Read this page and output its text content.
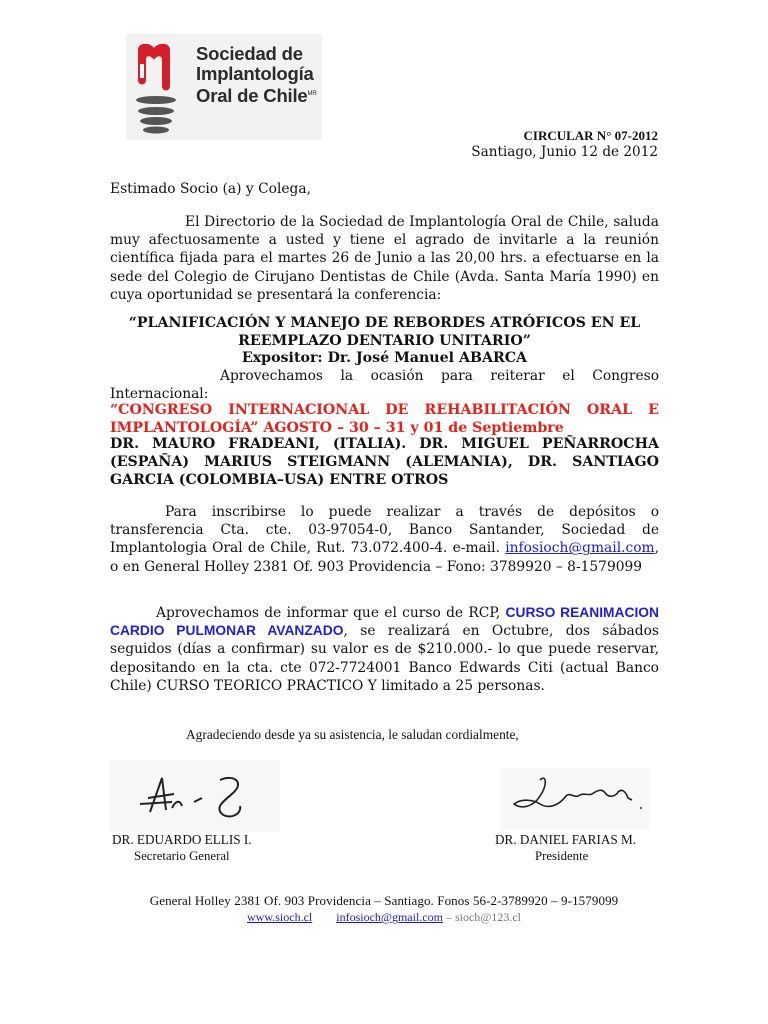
Sociedad de
Implantología
Oral de Chile$^{MR}$
CIRCULAR N° 07-2012
Santiago, Junio 12 de 2012
Estimado Socio (a) y Colega,
El Directorio de la Sociedad de Implantología Oral de Chile, saluda muy afectuosamente a usted y tiene el agrado de invitarle a la reunión científica fijada para el martes 26 de Junio a las 20,00 hrs. a efectuarse en la sede del Colegio de Cirujano Dentistas de Chile (Avda. Santa María 1990) en cuya oportunidad se presentará la conferencia:
“PLANIFICACIÓN Y MANEJO DE REBORDES ATRÓFICOS EN EL REEMPLAZO DENTARIO UNITARIO”
Expositor: Dr. José Manuel ABARCA
Aprovechamos la ocasión para reiterar el Congreso Internacional:
“CONGRESO INTERNACIONAL DE REHABILITACIÓN ORAL E IMPLANTOLOGÍA” AGOSTO – 30 – 31 y 01 de Septiembre
DR. MAURO FRADEANI, (ITALIA). DR. MIGUEL PEÑARROCHA (ESPAÑA) MARIUS STEIGMANN (ALEMANIA), DR. SANTIAGO GARCIA (COLOMBIA–USA) ENTRE OTROS
Para inscribirse lo puede realizar a través de depósitos o transferencia Cta. cte. 03-97054-0, Banco Santander, Sociedad de Implantologia Oral de Chile, Rut. 73.072.400-4. e-mail. infosioch@gmail.com, o en General Holley 2381 Of. 903 Providencia – Fono: 3789920 – 8-1579099
Aprovechamos de informar que el curso de RCP, CURSO REANIMACION CARDIO PULMONAR AVANZADO, se realizará en Octubre, dos sábados seguidos (días a confirmar) su valor es de $210.000.- lo que puede reservar, depositando en la cta. cte 072-7724001 Banco Edwards Citi (actual Banco Chile) CURSO TEORICO PRACTICO Y limitado a 25 personas.
Agradeciendo desde ya su asistencia, le saludan cordialmente,
DR. EDUARDO ELLIS I.
Secretario General
DR. DANIEL FARIAS M.
Presidente
General Holley 2381 Of. 903 Providencia – Santiago. Fonos 56-2-3789920 – 9-1579099
www.sioch.cl infosioch@gmail.com – sioch@123.cl
